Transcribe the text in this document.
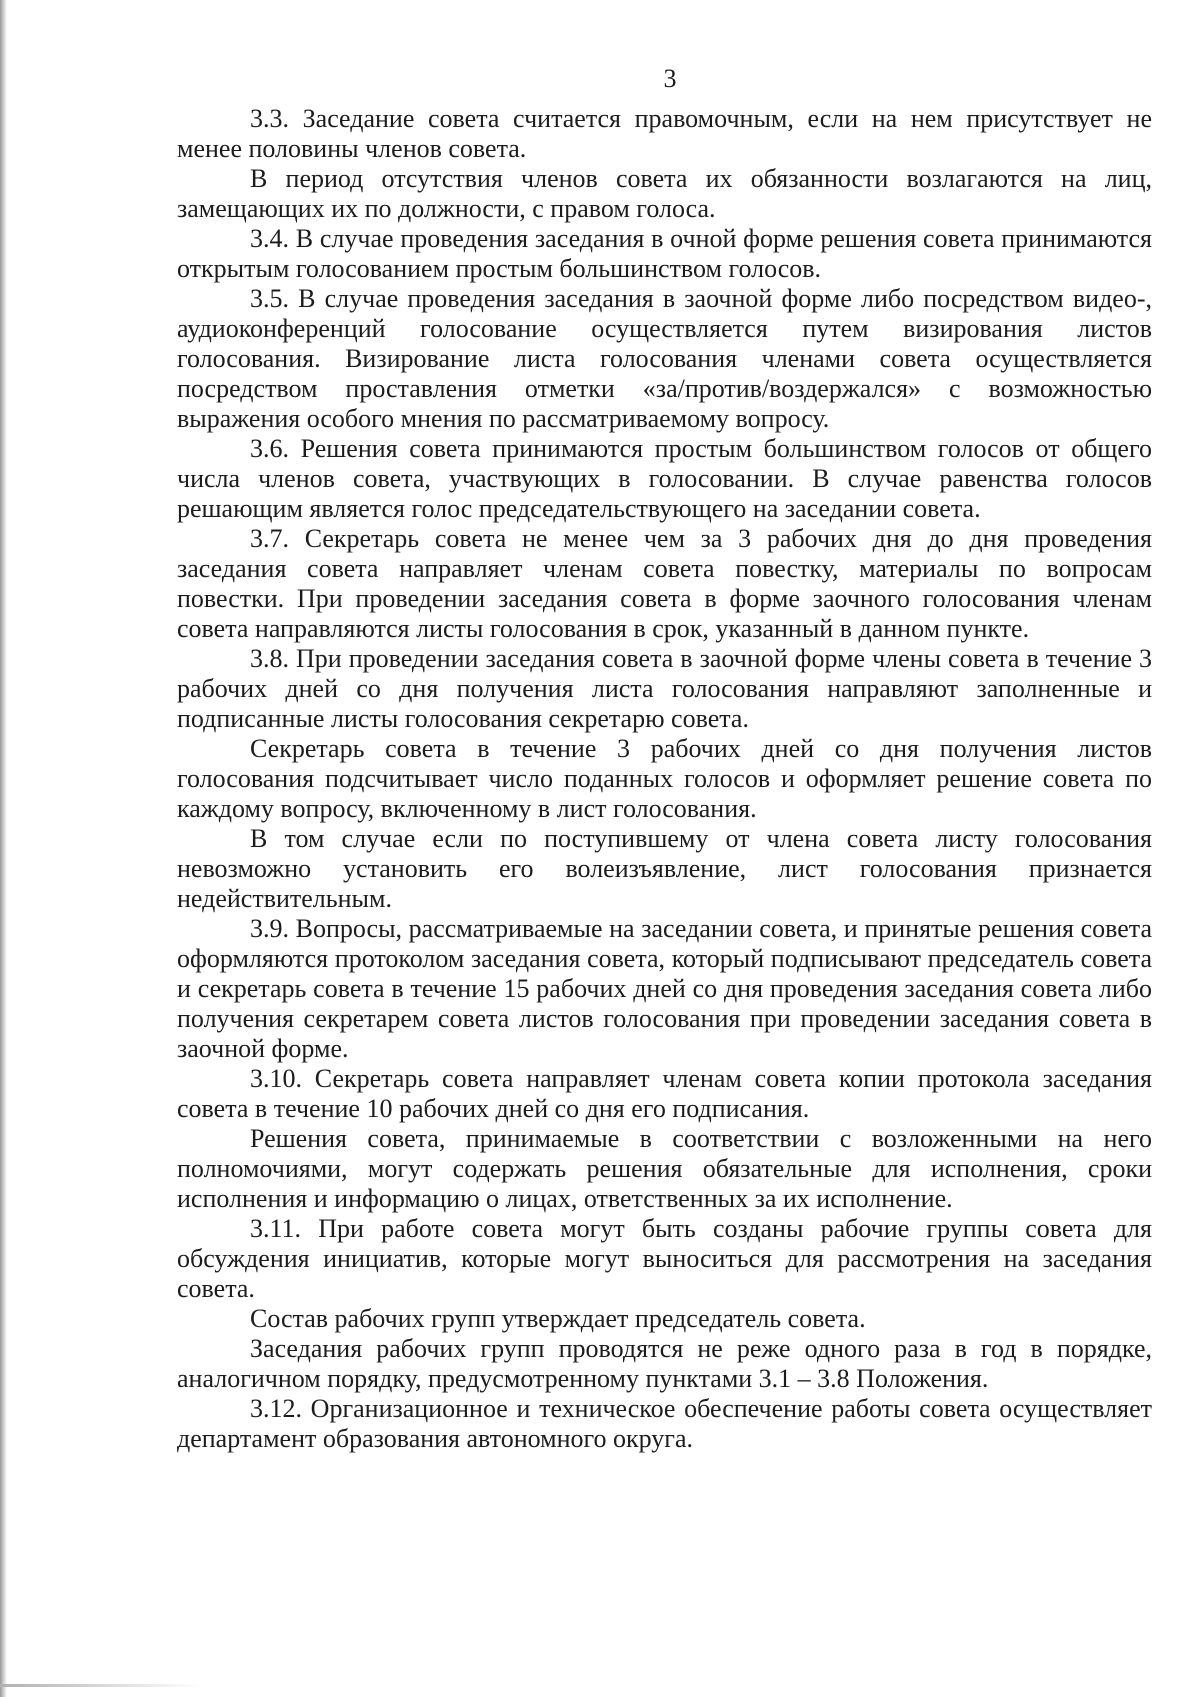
3

3.3. Заседание совета считается правомочным, если на нем присутствует не менее половины членов совета.

В период отсутствия членов совета их обязанности возлагаются на лиц, замещающих их по должности, с правом голоса.

3.4. В случае проведения заседания в очной форме решения совета принимаются открытым голосованием простым большинством голосов.

3.5. В случае проведения заседания в заочной форме либо посредством видео-, аудиоконференций голосование осуществляется путем визирования листов голосования. Визирование листа голосования членами совета осуществляется посредством проставления отметки «за/против/воздержался» с возможностью выражения особого мнения по рассматриваемому вопросу.

3.6. Решения совета принимаются простым большинством голосов от общего числа членов совета, участвующих в голосовании. В случае равенства голосов решающим является голос председательствующего на заседании совета.

3.7. Секретарь совета не менее чем за 3 рабочих дня до дня проведения заседания совета направляет членам совета повестку, материалы по вопросам повестки. При проведении заседания совета в форме заочного голосования членам совета направляются листы голосования в срок, указанный в данном пункте.

3.8. При проведении заседания совета в заочной форме члены совета в течение 3 рабочих дней со дня получения листа голосования направляют заполненные и подписанные листы голосования секретарю совета.

Секретарь совета в течение 3 рабочих дней со дня получения листов голосования подсчитывает число поданных голосов и оформляет решение совета по каждому вопросу, включенному в лист голосования.

В том случае если по поступившему от члена совета листу голосования невозможно установить его волеизъявление, лист голосования признается недействительным.

3.9. Вопросы, рассматриваемые на заседании совета, и принятые решения совета оформляются протоколом заседания совета, который подписывают председатель совета и секретарь совета в течение 15 рабочих дней со дня проведения заседания совета либо получения секретарем совета листов голосования при проведении заседания совета в заочной форме.

3.10. Секретарь совета направляет членам совета копии протокола заседания совета в течение 10 рабочих дней со дня его подписания.

Решения совета, принимаемые в соответствии с возложенными на него полномочиями, могут содержать решения обязательные для исполнения, сроки исполнения и информацию о лицах, ответственных за их исполнение.

3.11. При работе совета могут быть созданы рабочие группы совета для обсуждения инициатив, которые могут выноситься для рассмотрения на заседания совета.

Состав рабочих групп утверждает председатель совета.

Заседания рабочих групп проводятся не реже одного раза в год в порядке, аналогичном порядку, предусмотренному пунктами 3.1 – 3.8 Положения.

3.12. Организационное и техническое обеспечение работы совета осуществляет департамент образования автономного округа.
